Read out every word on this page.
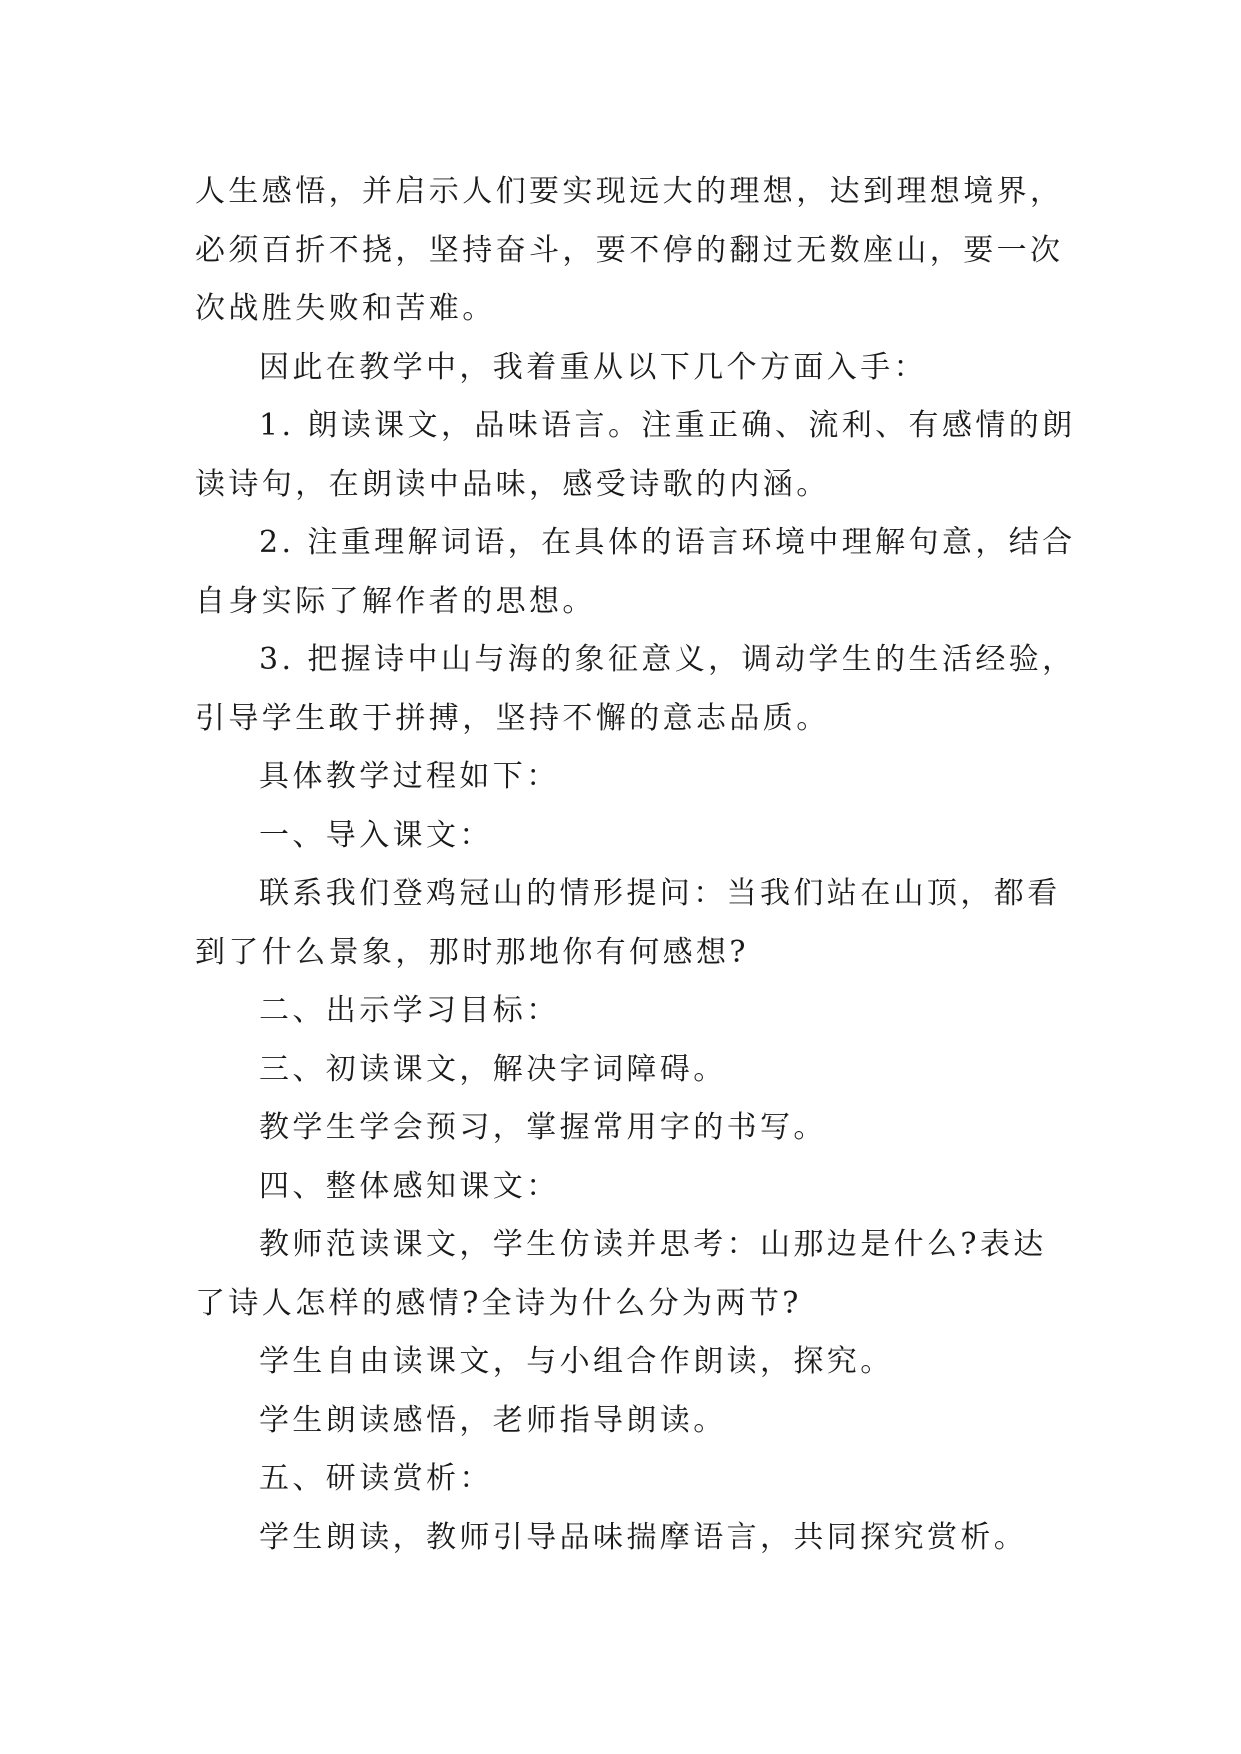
人生感悟，并启示人们要实现远大的理想，达到理想境界，
必须百折不挠，坚持奋斗，要不停的翻过无数座山，要一次
次战胜失败和苦难。
因此在教学中，我着重从以下几个方面入手：
1. 朗读课文，品味语言。注重正确、流利、有感情的朗
读诗句，在朗读中品味，感受诗歌的内涵。
2. 注重理解词语，在具体的语言环境中理解句意，结合
自身实际了解作者的思想。
3. 把握诗中山与海的象征意义，调动学生的生活经验，
引导学生敢于拼搏，坚持不懈的意志品质。
具体教学过程如下：
一、导入课文：
联系我们登鸡冠山的情形提问：当我们站在山顶，都看
到了什么景象，那时那地你有何感想?
二、出示学习目标：
三、初读课文，解决字词障碍。
教学生学会预习，掌握常用字的书写。
四、整体感知课文：
教师范读课文，学生仿读并思考：山那边是什么?表达
了诗人怎样的感情?全诗为什么分为两节?
学生自由读课文，与小组合作朗读，探究。
学生朗读感悟，老师指导朗读。
五、研读赏析：
学生朗读，教师引导品味揣摩语言，共同探究赏析。
